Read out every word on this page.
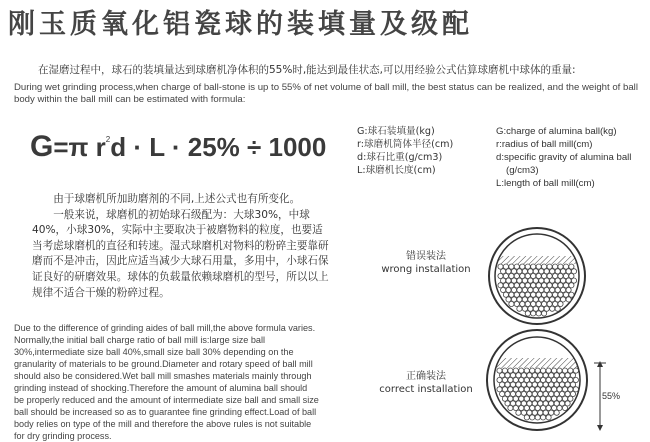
刚玉质氧化铝瓷球的装填量及级配
在湿磨过程中，球石的装填量达到球磨机净体积的55%时,能达到最佳状态,可以用经验公式估算球磨机中球体的重量:
During wet grinding process,when charge of ball-stone is up to 55% of net volume of ball mill, the best status can be realized, and the weight of ball body within the ball mill can be estimated with formula:
G=π $r^2d \cdot L \cdot 25\% \div 1000$
G:球石装填量(kg)
r:球磨机筒体半径(cm)
d:球石比重(g/cm3)
L:球磨机长度(cm)
G:charge of alumina ball(kg)
r:radius of ball mill(cm)
d:specific gravity of alumina ball
(g/cm3)
L:length of ball mill(cm)

由于球磨机所加助磨剂的不同,上述公式也有所变化。

一般来说，球磨机的初始球石级配为：大球30%，中球40%，小球30%，实际中主要取决于被磨物料的粒度，也要适当考虑球磨机的直径和转速。湿式球磨机对物料的粉碎主要靠研磨而不是冲击，因此应适当减少大球石用量，多用中，小球石保证良好的研磨效果。球体的负载量依赖球磨机的型号，所以以上规律不适合干燥的粉碎过程。

Due to the difference of grinding aides of ball mill,the above formula varies. Normally,the initial ball charge ratio of ball mill is:large size ball 30%,intermediate size ball 40%,small size ball 30% depending on the granularity of materials to be ground.Diameter and rotary speed of ball mill should also be considered.Wet ball mill smashes materials mainly through grinding instead of shocking.Therefore the amount of alumina ball should be properly reduced and the amount of intermediate size ball and small size ball should be increased so as to guarantee fine grinding effect.Load of ball body relies on type of the mill and therefore the above rules is not suitable for dry grinding process.
错误装法
wrong installation
正确装法
correct installation
55%
